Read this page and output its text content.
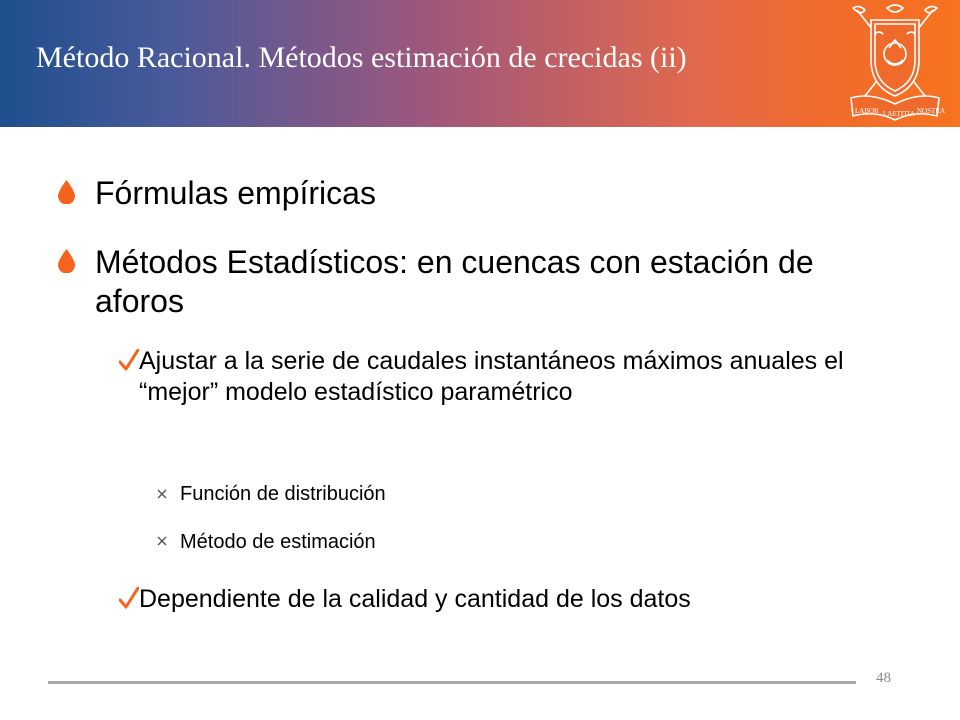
Método Racional. Métodos estimación de crecidas (ii)
LABOR LAETITIA NOSTRA

Fórmulas empíricas

Métodos Estadísticos: en cuencas con estación de aforos

Ajustar a la serie de caudales instantáneos máximos anuales el “mejor” modelo estadístico paramétrico

Función de distribución

Método de estimación

Dependiente de la calidad y cantidad de los datos

48
